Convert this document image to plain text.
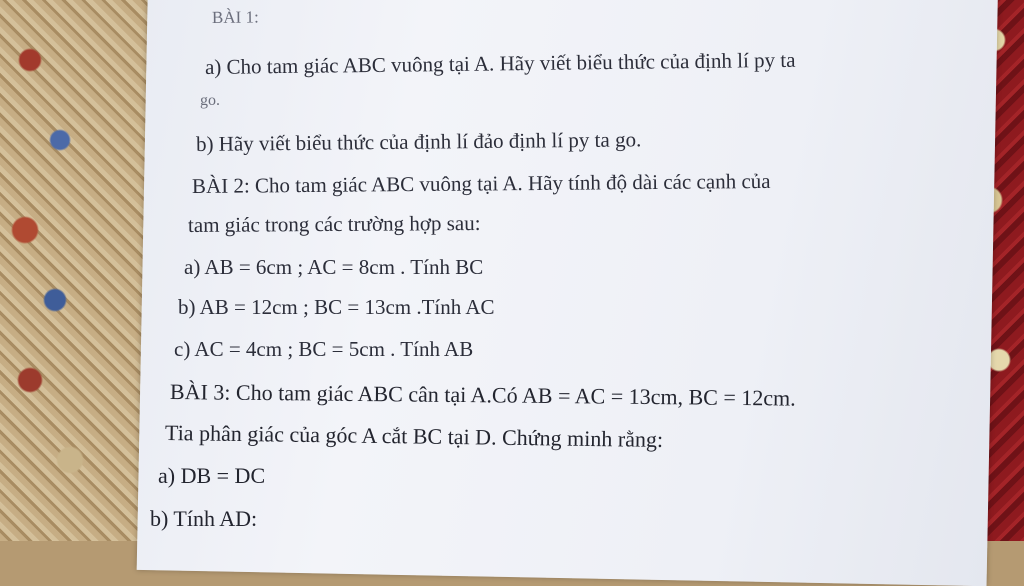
BÀI 1:
a) Cho tam giác ABC vuông tại A. Hãy viết biểu thức của định lí py ta
go.
b) Hãy viết biểu thức của định lí đảo định lí py ta go.
BÀI 2: Cho tam giác ABC vuông tại A. Hãy tính độ dài các cạnh của
tam giác trong các trường hợp sau:
a) AB = 6cm ; AC = 8cm . Tính BC
b) AB = 12cm ; BC = 13cm .Tính AC
c) AC = 4cm ; BC = 5cm . Tính AB
BÀI 3: Cho tam giác ABC cân tại A.Có AB = AC = 13cm, BC = 12cm.
Tia phân giác của góc A cắt BC tại D. Chứng minh rằng:
a) DB = DC
b) Tính AD:
